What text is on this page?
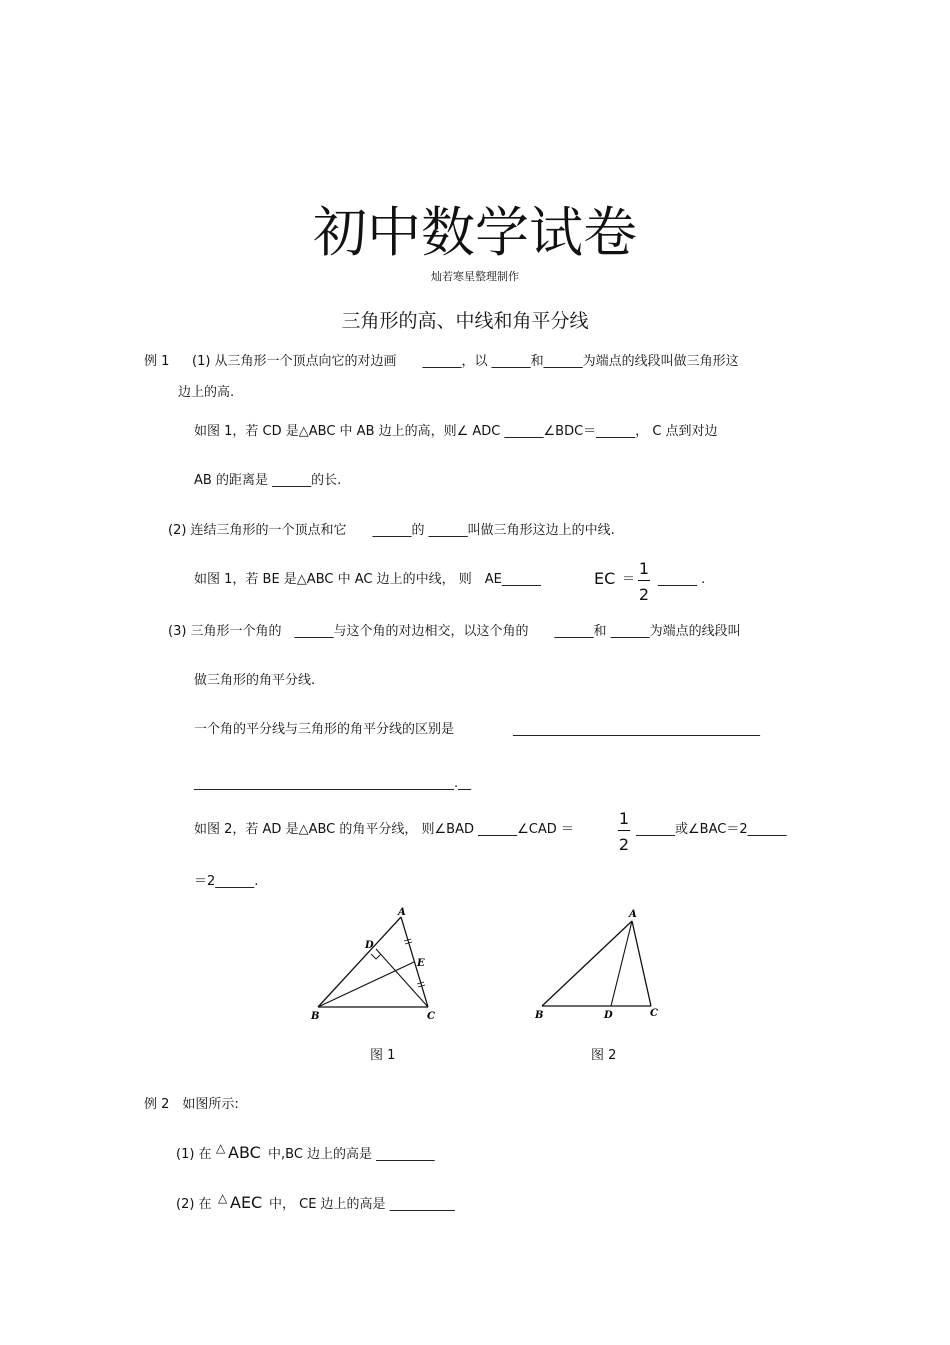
初中数学试卷
灿若寒星整理制作
三角形的高、中线和角平分线
例 1 (1) 从三角形一个顶点向它的对边画　　______，以 ______和______为端点的线段叫做三角形这
边上的高.
如图 1，若 CD 是△ABC 中 AB 边上的高，则∠ ADC ______∠BDC＝______， C 点到对边
AB 的距离是 ______的长.
(2) 连结三角形的一个顶点和它　　______的 ______叫做三角形这边上的中线.
如图 1，若 BE 是△ABC 中 AC 边上的中线， 则　AE______	EC ＝
1
2
______ .
(3) 三角形一个角的　______与这个角的对边相交，以这个角的　　______和 ______为端点的线段叫
做三角形的角平分线.
一个角的平分线与三角形的角平分线的区别是	______________________________________
________________________________________.__
如图 2，若 AD 是△ABC 的角平分线， 则∠BAD ______∠CAD ＝
1
2
______或∠BAC＝2______
＝2______.
A
B	C
D
E
A
B	C
D
图 1	图 2
例 2　如图所示:
(1) 在 △ ABC 中,BC 边上的高是 _________
(2) 在 △ AEC 中， CE 边上的高是 __________
